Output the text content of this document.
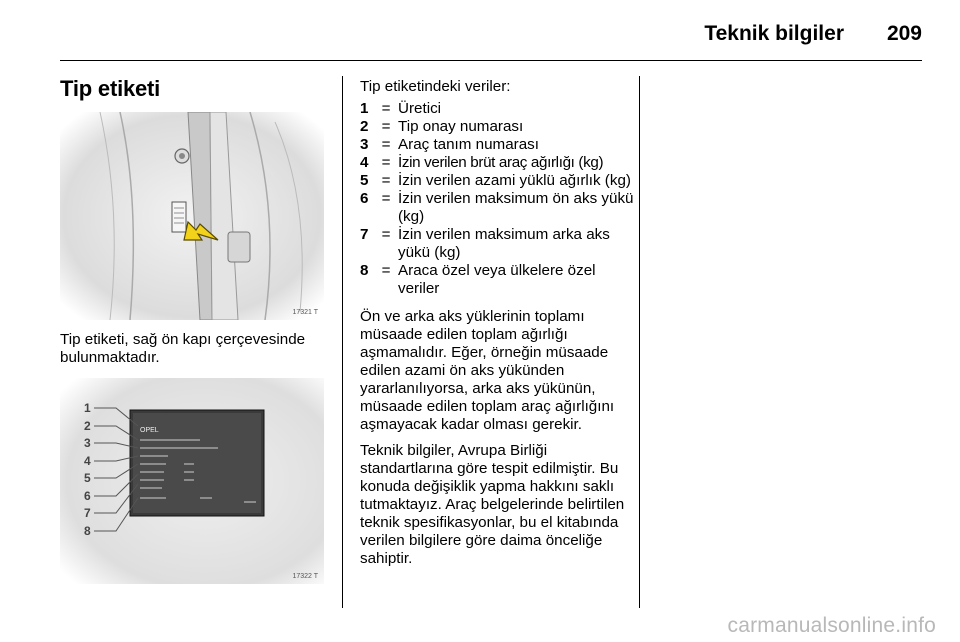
Teknik bilgiler 209
Tip etiketi
17321 T
Tip etiketi, sağ ön kapı çerçevesinde bulunmaktadır.
OPEL
1
2
3
4
5
6
7
8
17322 T
Tip etiketindeki veriler:
1 = Üretici
2 = Tip onay numarası
3 = Araç tanım numarası
4 = İzin verilen brüt araç ağırlığı (kg)
5 = İzin verilen azami yüklü ağırlık (kg)
6 = İzin verilen maksimum ön aks yükü (kg)
7 = İzin verilen maksimum arka aks yükü (kg)
8 = Araca özel veya ülkelere özel veriler

Ön ve arka aks yüklerinin toplamı müsaade edilen toplam ağırlığı aşmamalıdır. Eğer, örneğin müsaade edilen azami ön aks yükünden yararlanılıyorsa, arka aks yükünün, müsaade edilen toplam araç ağırlığını aşmayacak kadar olması gerekir.

Teknik bilgiler, Avrupa Birliği standartlarına göre tespit edilmiştir. Bu konuda değişiklik yapma hakkını saklı tutmaktayız. Araç belgelerinde belirtilen teknik spesifikasyonlar, bu el kitabında verilen bilgilere göre daima önceliğe sahiptir.

carmanualsonline.info
